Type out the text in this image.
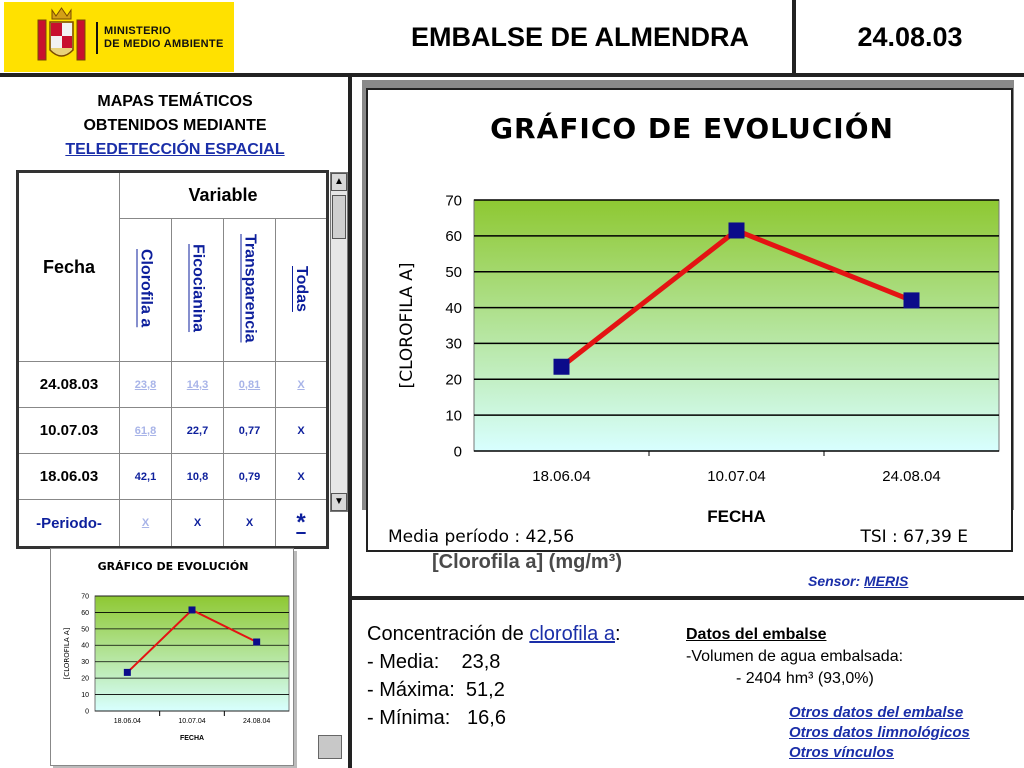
MINISTERIO
DE MEDIO AMBIENTE	EMBALSE DE ALMENDRA	24.08.03
MAPAS TEMÁTICOS
OBTENIDOS MEDIANTE
TELEDETECCIÓN ESPACIAL
Fecha	Variable			
	Clorofila a	Ficocianina	Transparencia	Todas
24.08.03	23,8	14,3	0,81	X
10.07.03	61,8	22,7	0,77	X
18.06.03	42,1	10,8	0,79	X
-Periodo-	X	X	X	*
▲
▼
GRÁFICO DE EVOLUCIÓN
0
10
20
30
40
50
60
70
18.06.04	10.07.04	24.08.04
FECHA
[CLOROFILA A]
GRÁFICO DE EVOLUCIÓN
0
10
20
30
40
50
60
70
18.06.04	10.07.04	24.08.04
FECHA
[CLOROFILA A]
Media período : 42,56	TSI : 67,39 E
[Clorofila a] (mg/m³)
Sensor: MERIS
Concentración de clorofila a:
- Media:    23,8
- Máxima:  51,2
- Mínima:   16,6
Datos del embalse
-Volumen de agua embalsada:
- 2404 hm³ (93,0%)
Otros datos del embalse
Otros datos limnológicos
Otros vínculos
